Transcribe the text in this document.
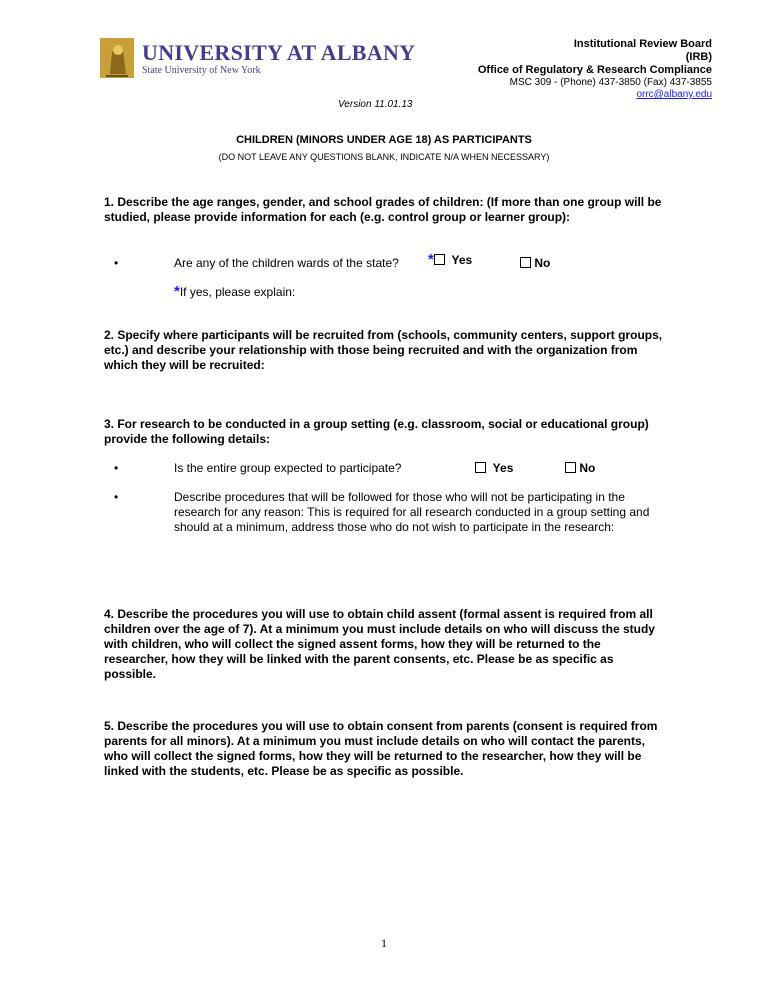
UNIVERSITY AT ALBANY
State University of New York
Institutional Review Board
(IRB)
Office of Regulatory & Research Compliance
MSC 309 - (Phone) 437-3850 (Fax) 437-3855
orrc@albany.edu
Version 11.01.13
CHILDREN (MINORS UNDER AGE 18) AS PARTICIPANTS
(DO NOT LEAVE ANY QUESTIONS BLANK, INDICATE N/A WHEN NECESSARY)
1. Describe the age ranges, gender, and school grades of children: (If more than one group will be studied, please provide information for each (e.g. control group or learner group):
•	Are any of the children wards of the state?	* Yes	No
*If yes, please explain:
2. Specify where participants will be recruited from (schools, community centers, support groups, etc.) and describe your relationship with those being recruited and with the organization from which they will be recruited:
3. For research to be conducted in a group setting (e.g. classroom, social or educational group) provide the following details:
•	Is the entire group expected to participate?	Yes	No
•	Describe procedures that will be followed for those who will not be participating in the research for any reason: This is required for all research conducted in a group setting and should at a minimum, address those who do not wish to participate in the research:
4. Describe the procedures you will use to obtain child assent (formal assent is required from all children over the age of 7). At a minimum you must include details on who will discuss the study with children, who will collect the signed assent forms, how they will be returned to the researcher, how they will be linked with the parent consents, etc. Please be as specific as possible.
5. Describe the procedures you will use to obtain consent from parents (consent is required from parents for all minors). At a minimum you must include details on who will contact the parents, who will collect the signed forms, how they will be returned to the researcher, how they will be linked with the students, etc. Please be as specific as possible.
1
